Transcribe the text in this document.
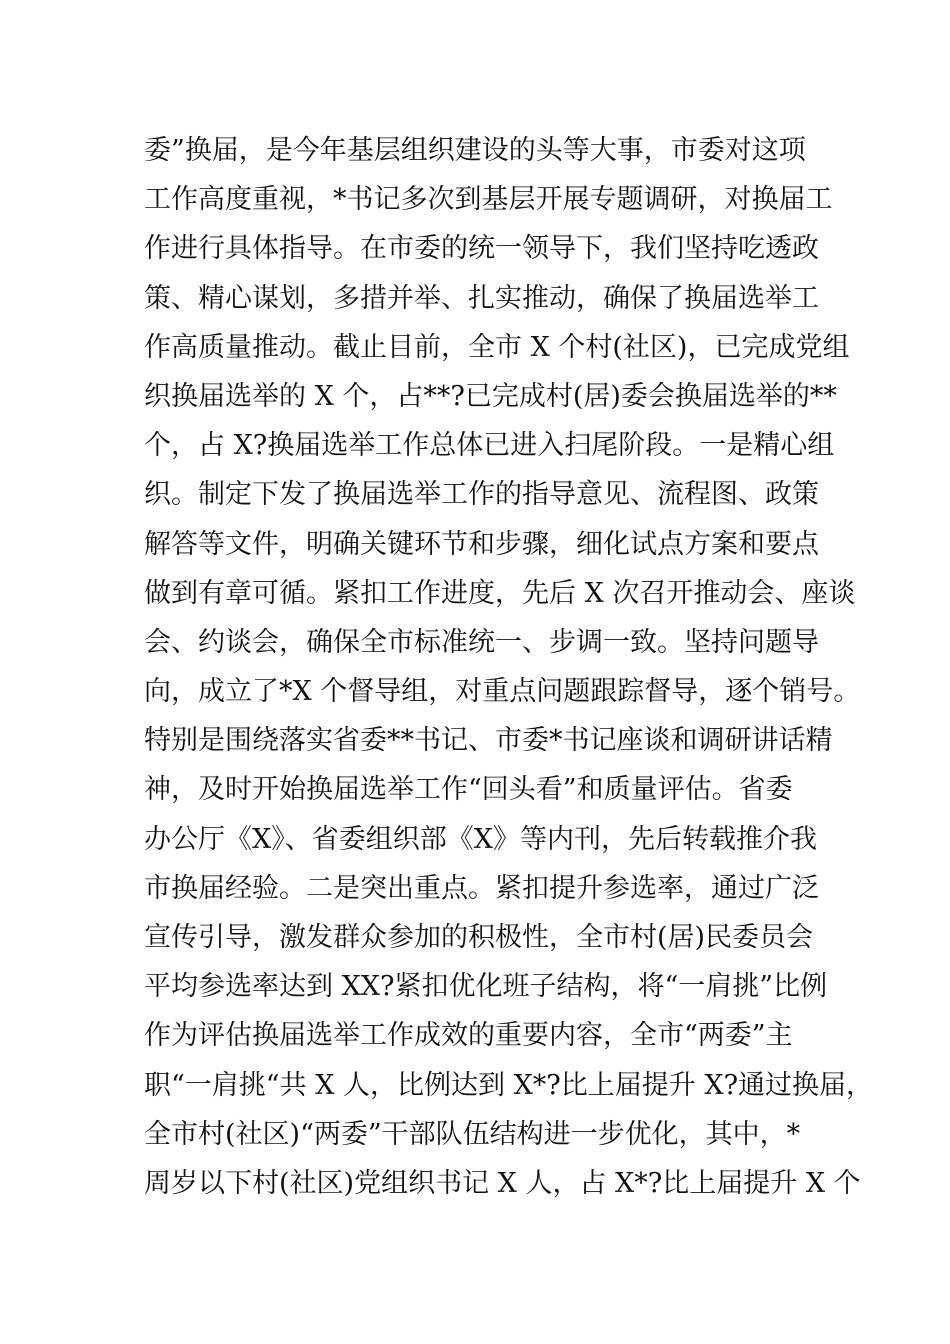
委”换届，是今年基层组织建设的头等大事，市委对这项
工作高度重视，*书记多次到基层开展专题调研，对换届工
作进行具体指导。在市委的统一领导下，我们坚持吃透政
策、精心谋划，多措并举、扎实推动，确保了换届选举工
作高质量推动。截止目前，全市 X 个村(社区)，已完成党组
织换届选举的 X 个，占**?已完成村(居)委会换届选举的**
个，占 X?换届选举工作总体已进入扫尾阶段。一是精心组
织。制定下发了换届选举工作的指导意见、流程图、政策
解答等文件，明确关键环节和步骤，细化试点方案和要点
做到有章可循。紧扣工作进度，先后 X 次召开推动会、座谈
会、约谈会，确保全市标准统一、步调一致。坚持问题导
向，成立了*X 个督导组，对重点问题跟踪督导，逐个销号。
特别是围绕落实省委**书记、市委*书记座谈和调研讲话精
神，及时开始换届选举工作“回头看”和质量评估。省委
办公厅《X》、省委组织部《X》等内刊，先后转载推介我
市换届经验。二是突出重点。紧扣提升参选率，通过广泛
宣传引导，激发群众参加的积极性，全市村(居)民委员会
平均参选率达到 XX?紧扣优化班子结构，将“一肩挑”比例
作为评估换届选举工作成效的重要内容，全市“两委”主
职“一肩挑“共 X 人，比例达到 X*?比上届提升 X?通过换届，
全市村(社区)“两委”干部队伍结构进一步优化，其中，*
周岁以下村(社区)党组织书记 X 人，占 X*?比上届提升 X 个
